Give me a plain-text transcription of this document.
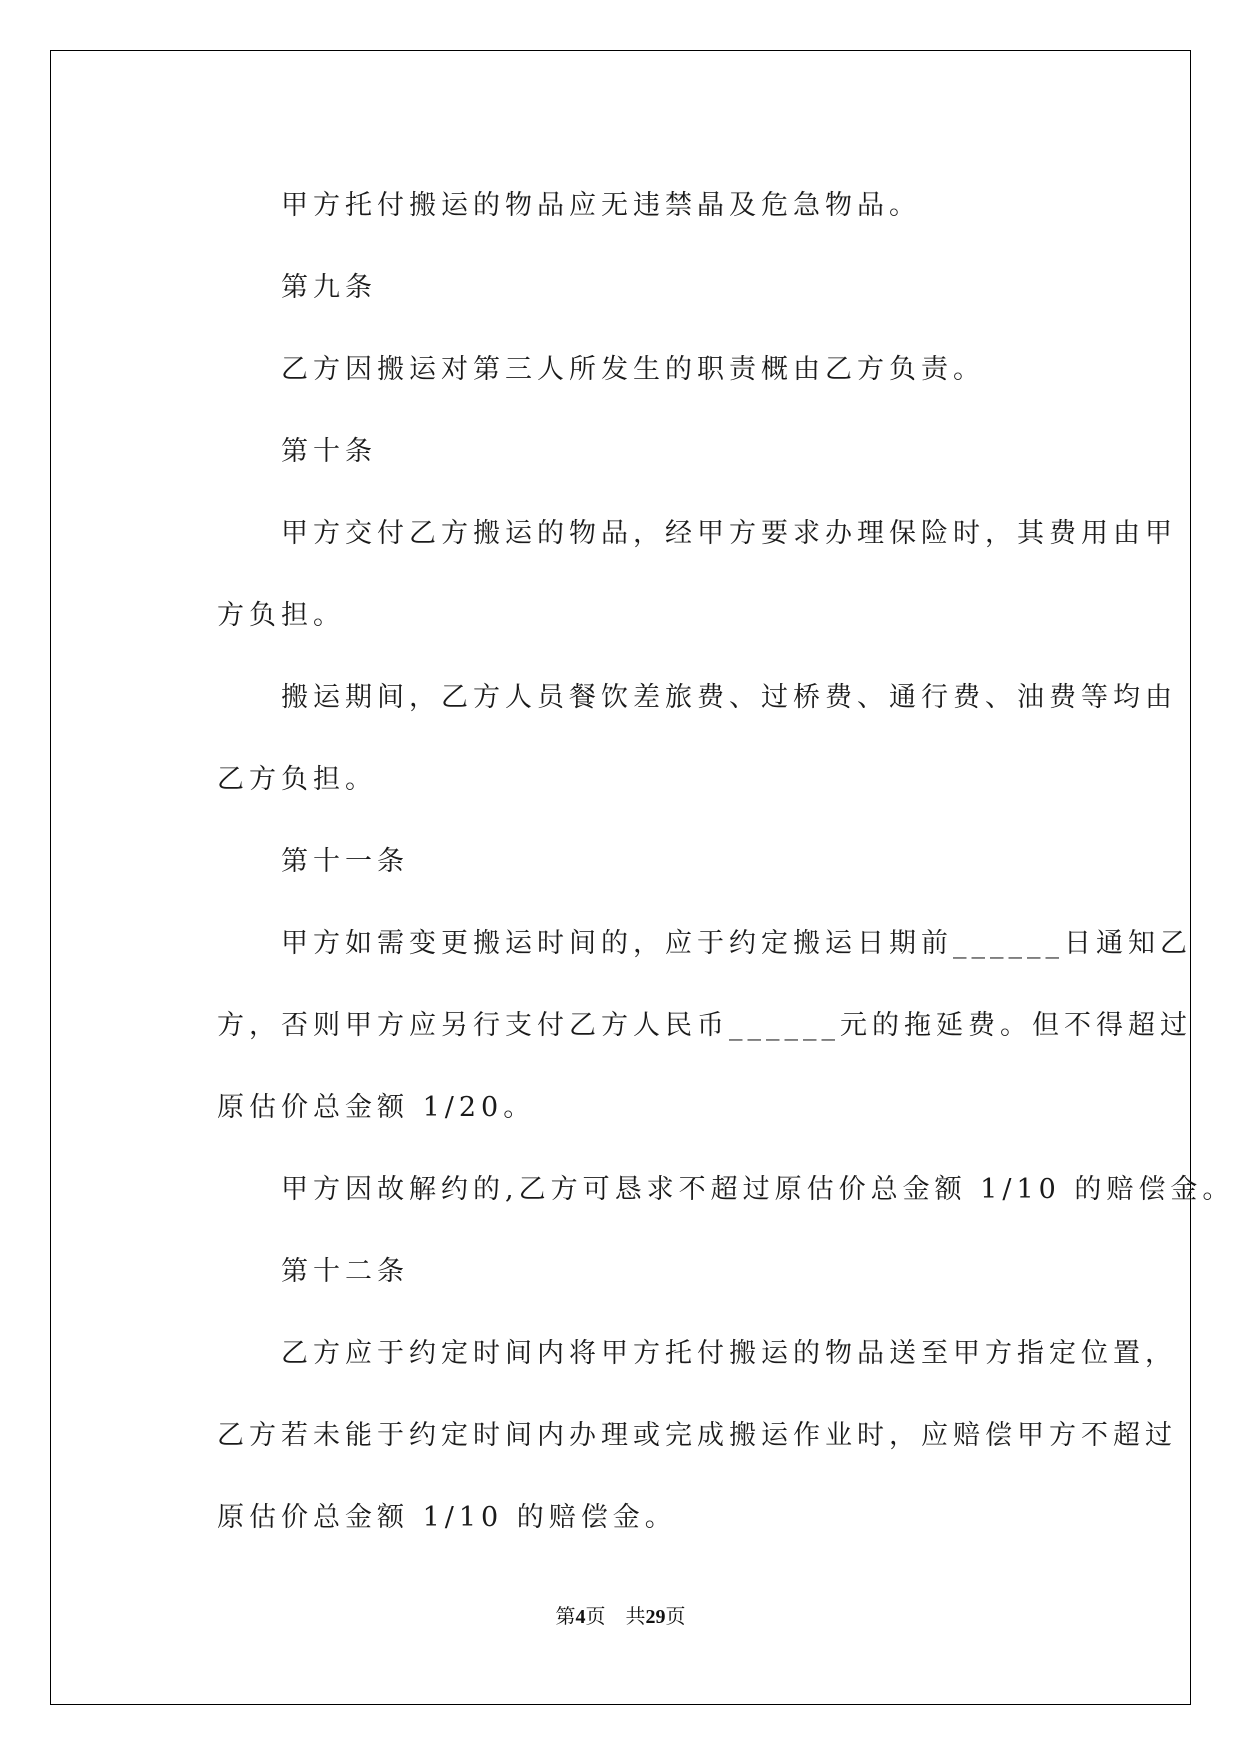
甲方托付搬运的物品应无违禁晶及危急物品。
第九条
乙方因搬运对第三人所发生的职责概由乙方负责。
第十条
甲方交付乙方搬运的物品，经甲方要求办理保险时，其费用由甲
方负担。
搬运期间，乙方人员餐饮差旅费、过桥费、通行费、油费等均由
乙方负担。
第十一条
甲方如需变更搬运时间的，应于约定搬运日期前______日通知乙
方，否则甲方应另行支付乙方人民币______元的拖延费。但不得超过
原估价总金额 1/20。
甲方因故解约的,乙方可恳求不超过原估价总金额 1/10 的赔偿金。
第十二条
乙方应于约定时间内将甲方托付搬运的物品送至甲方指定位置，
乙方若未能于约定时间内办理或完成搬运作业时，应赔偿甲方不超过
原估价总金额 1/10 的赔偿金。
第4页 共29页
